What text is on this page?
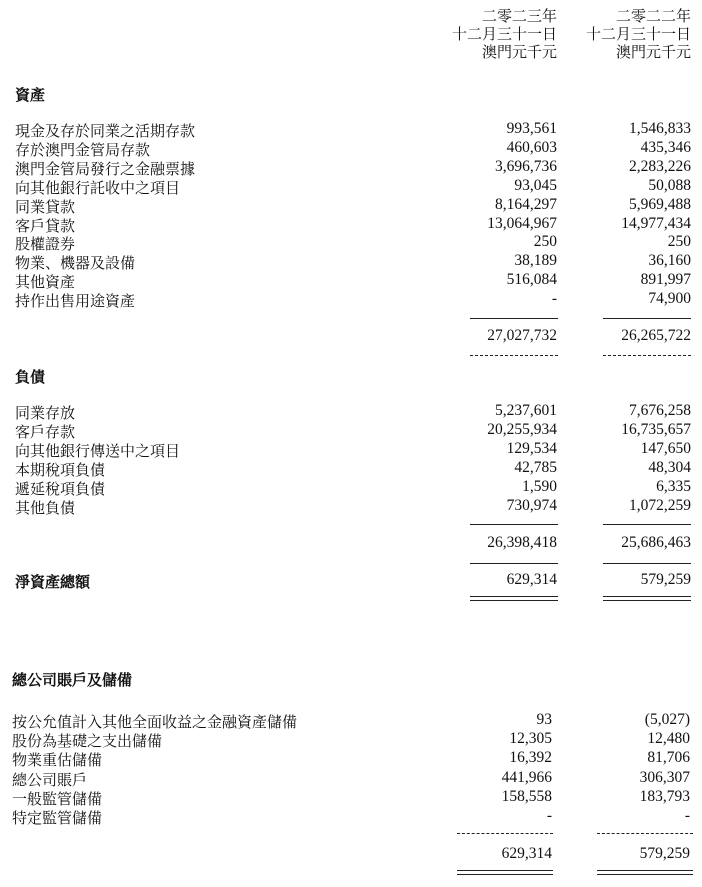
二零二三年
十二月三十一日
澳門元千元
二零二二年
十二月三十一日
澳門元千元
資產
現金及存於同業之活期存款	993,561	1,546,833
存於澳門金管局存款	460,603	435,346
澳門金管局發行之金融票據	3,696,736	2,283,226
向其他銀行託收中之項目	93,045	50,088
同業貸款	8,164,297	5,969,488
客戶貸款	13,064,967	14,977,434
股權證券	250	250
物業、機器及設備	38,189	36,160
其他資產	516,084	891,997
持作出售用途資產	-	74,900
27,027,732	26,265,722
負債
同業存放	5,237,601	7,676,258
客戶存款	20,255,934	16,735,657
向其他銀行傳送中之項目	129,534	147,650
本期稅項負債	42,785	48,304
遞延稅項負債	1,590	6,335
其他負債	730,974	1,072,259
26,398,418	25,686,463
淨資產總額	629,314	579,259
總公司賬戶及儲備
按公允值計入其他全面收益之金融資產儲備	93	(5,027)
股份為基礎之支出儲備	12,305	12,480
物業重估儲備	16,392	81,706
總公司賬戶	441,966	306,307
一般監管儲備	158,558	183,793
特定監管儲備	-	-
629,314	579,259
